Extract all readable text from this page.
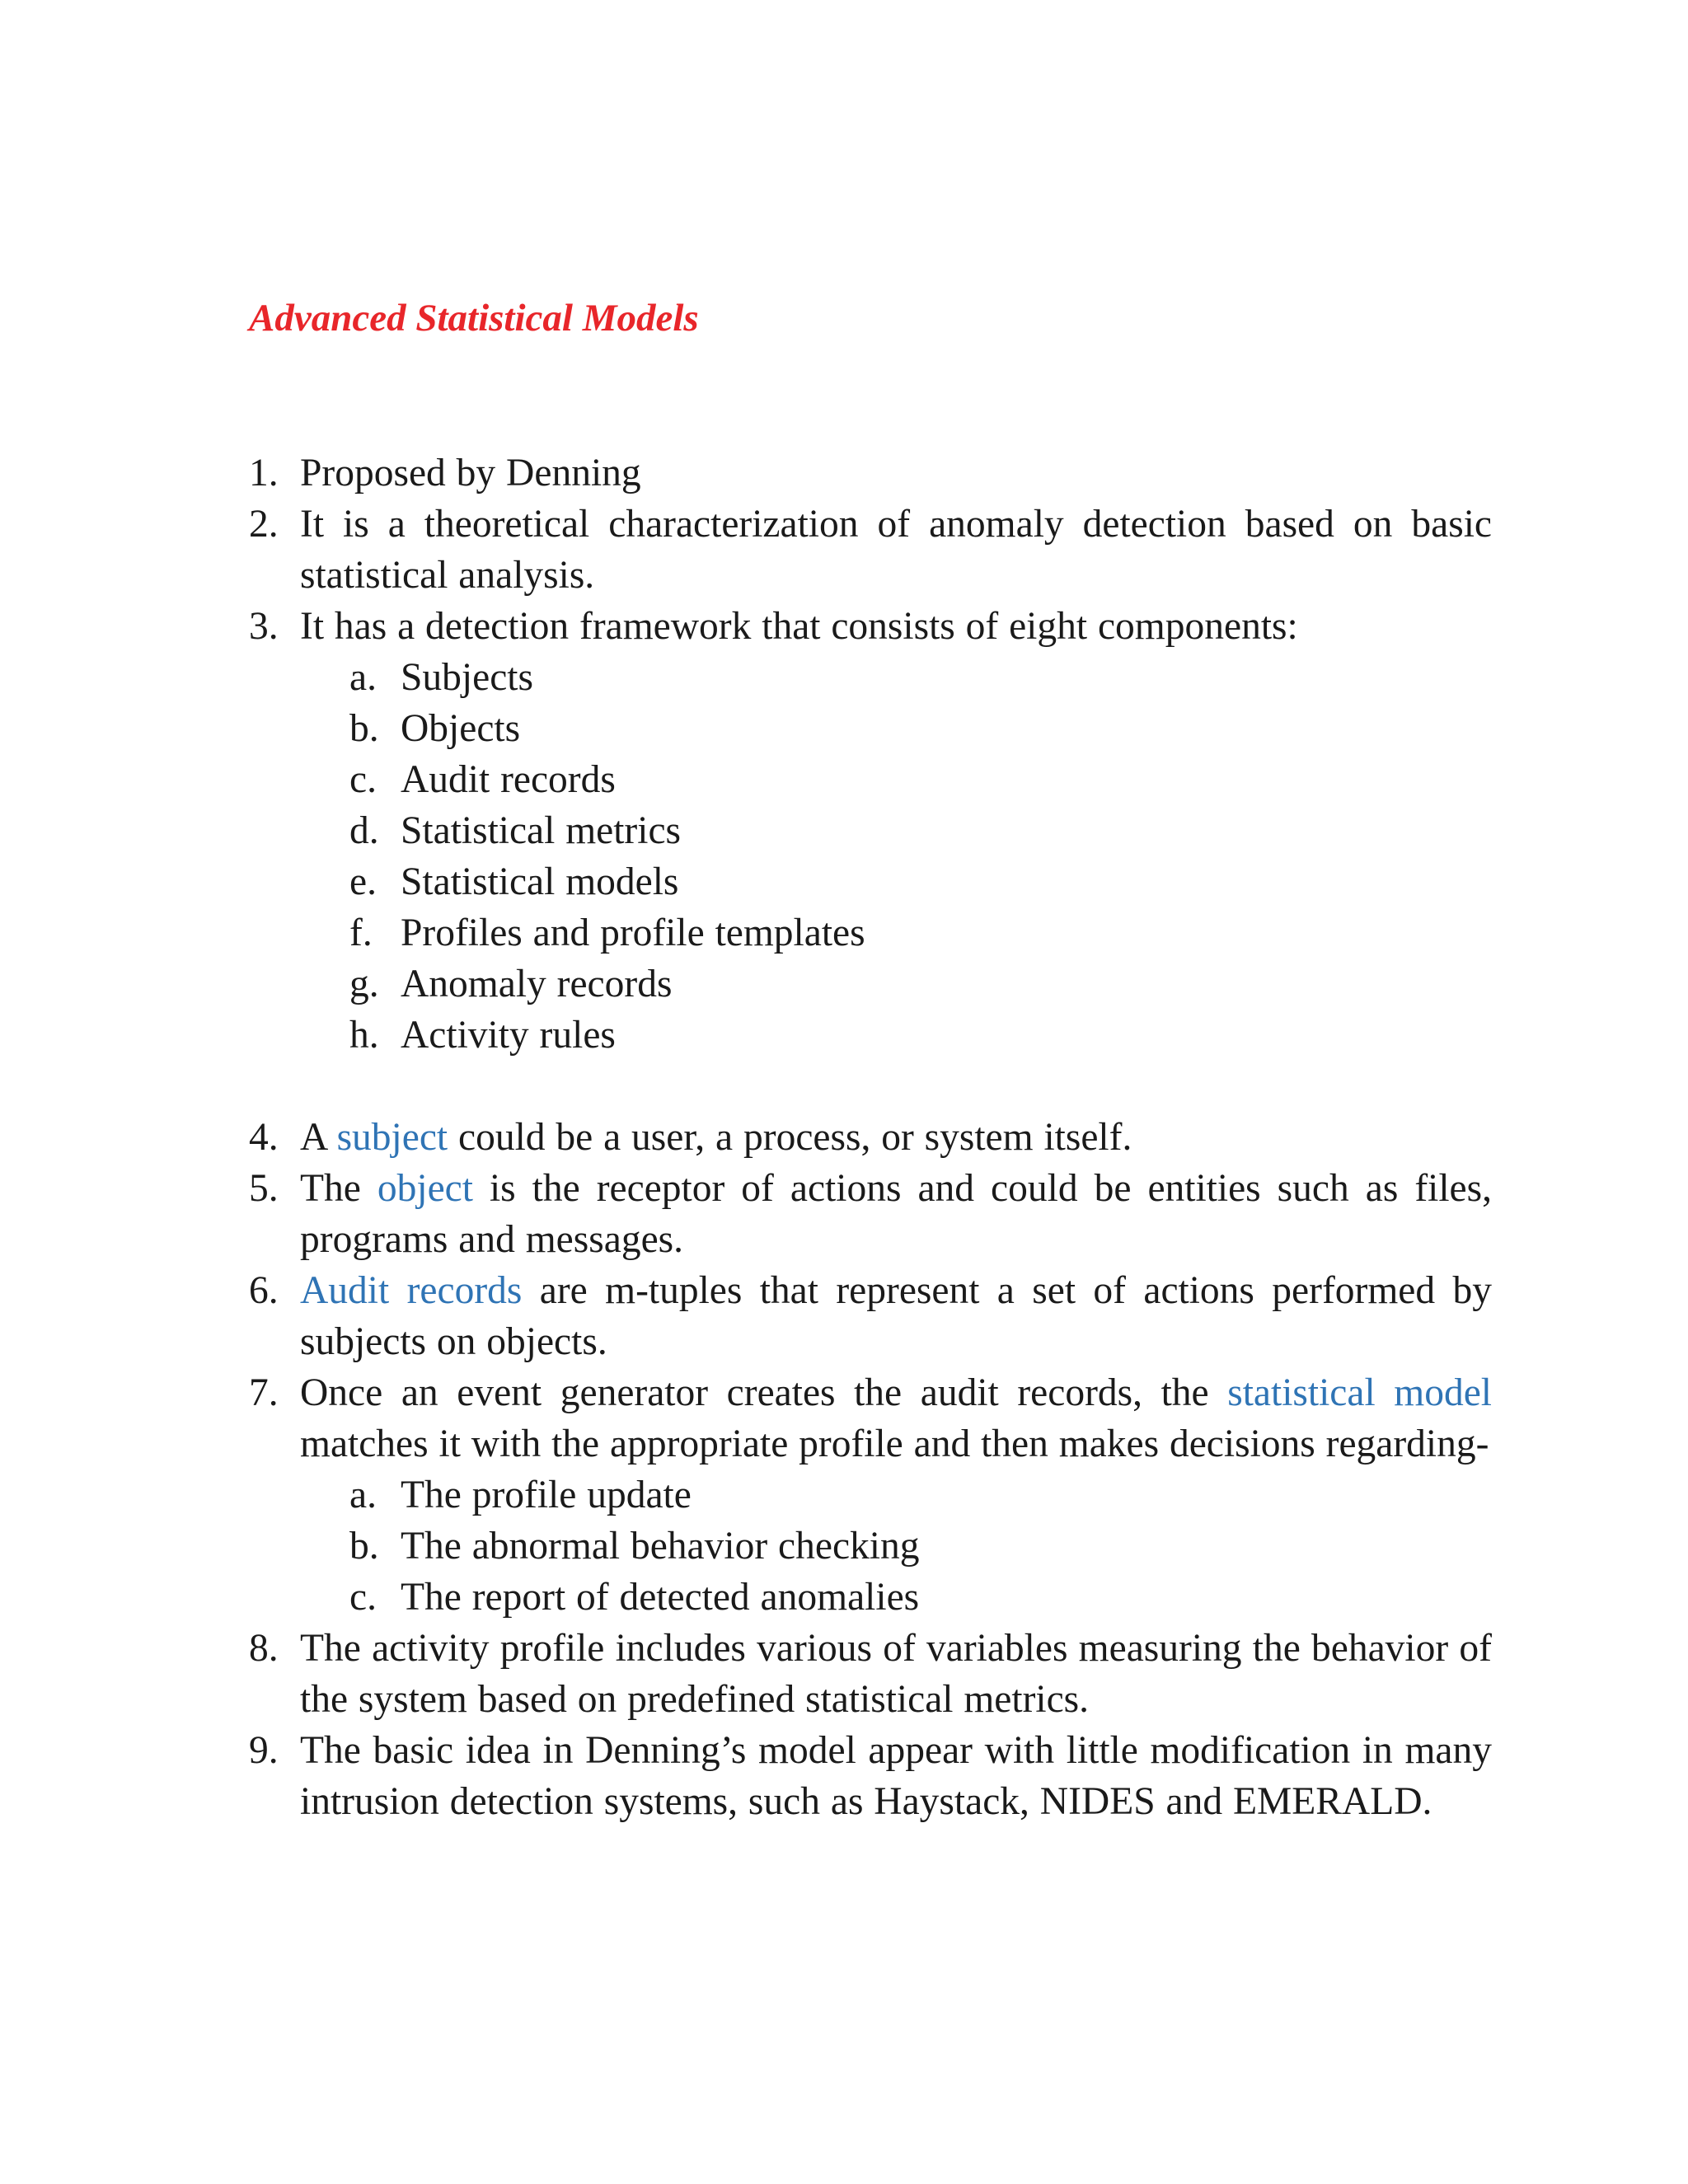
Advanced Statistical Models
1. Proposed by Denning
2. It is a theoretical characterization of anomaly detection based on basic statistical analysis.
3. It has a detection framework that consists of eight components:
a. Subjects
b. Objects
c. Audit records
d. Statistical metrics
e. Statistical models
f. Profiles and profile templates
g. Anomaly records
h. Activity rules
4. A subject could be a user, a process, or system itself.
5. The object is the receptor of actions and could be entities such as files, programs and messages.
6. Audit records are m-tuples that represent a set of actions performed by subjects on objects.
7. Once an event generator creates the audit records, the statistical model matches it with the appropriate profile and then makes decisions regarding-
a. The profile update
b. The abnormal behavior checking
c. The report of detected anomalies
8. The activity profile includes various of variables measuring the behavior of the system based on predefined statistical metrics.
9. The basic idea in Denning’s model appear with little modification in many intrusion detection systems, such as Haystack, NIDES and EMERALD.
